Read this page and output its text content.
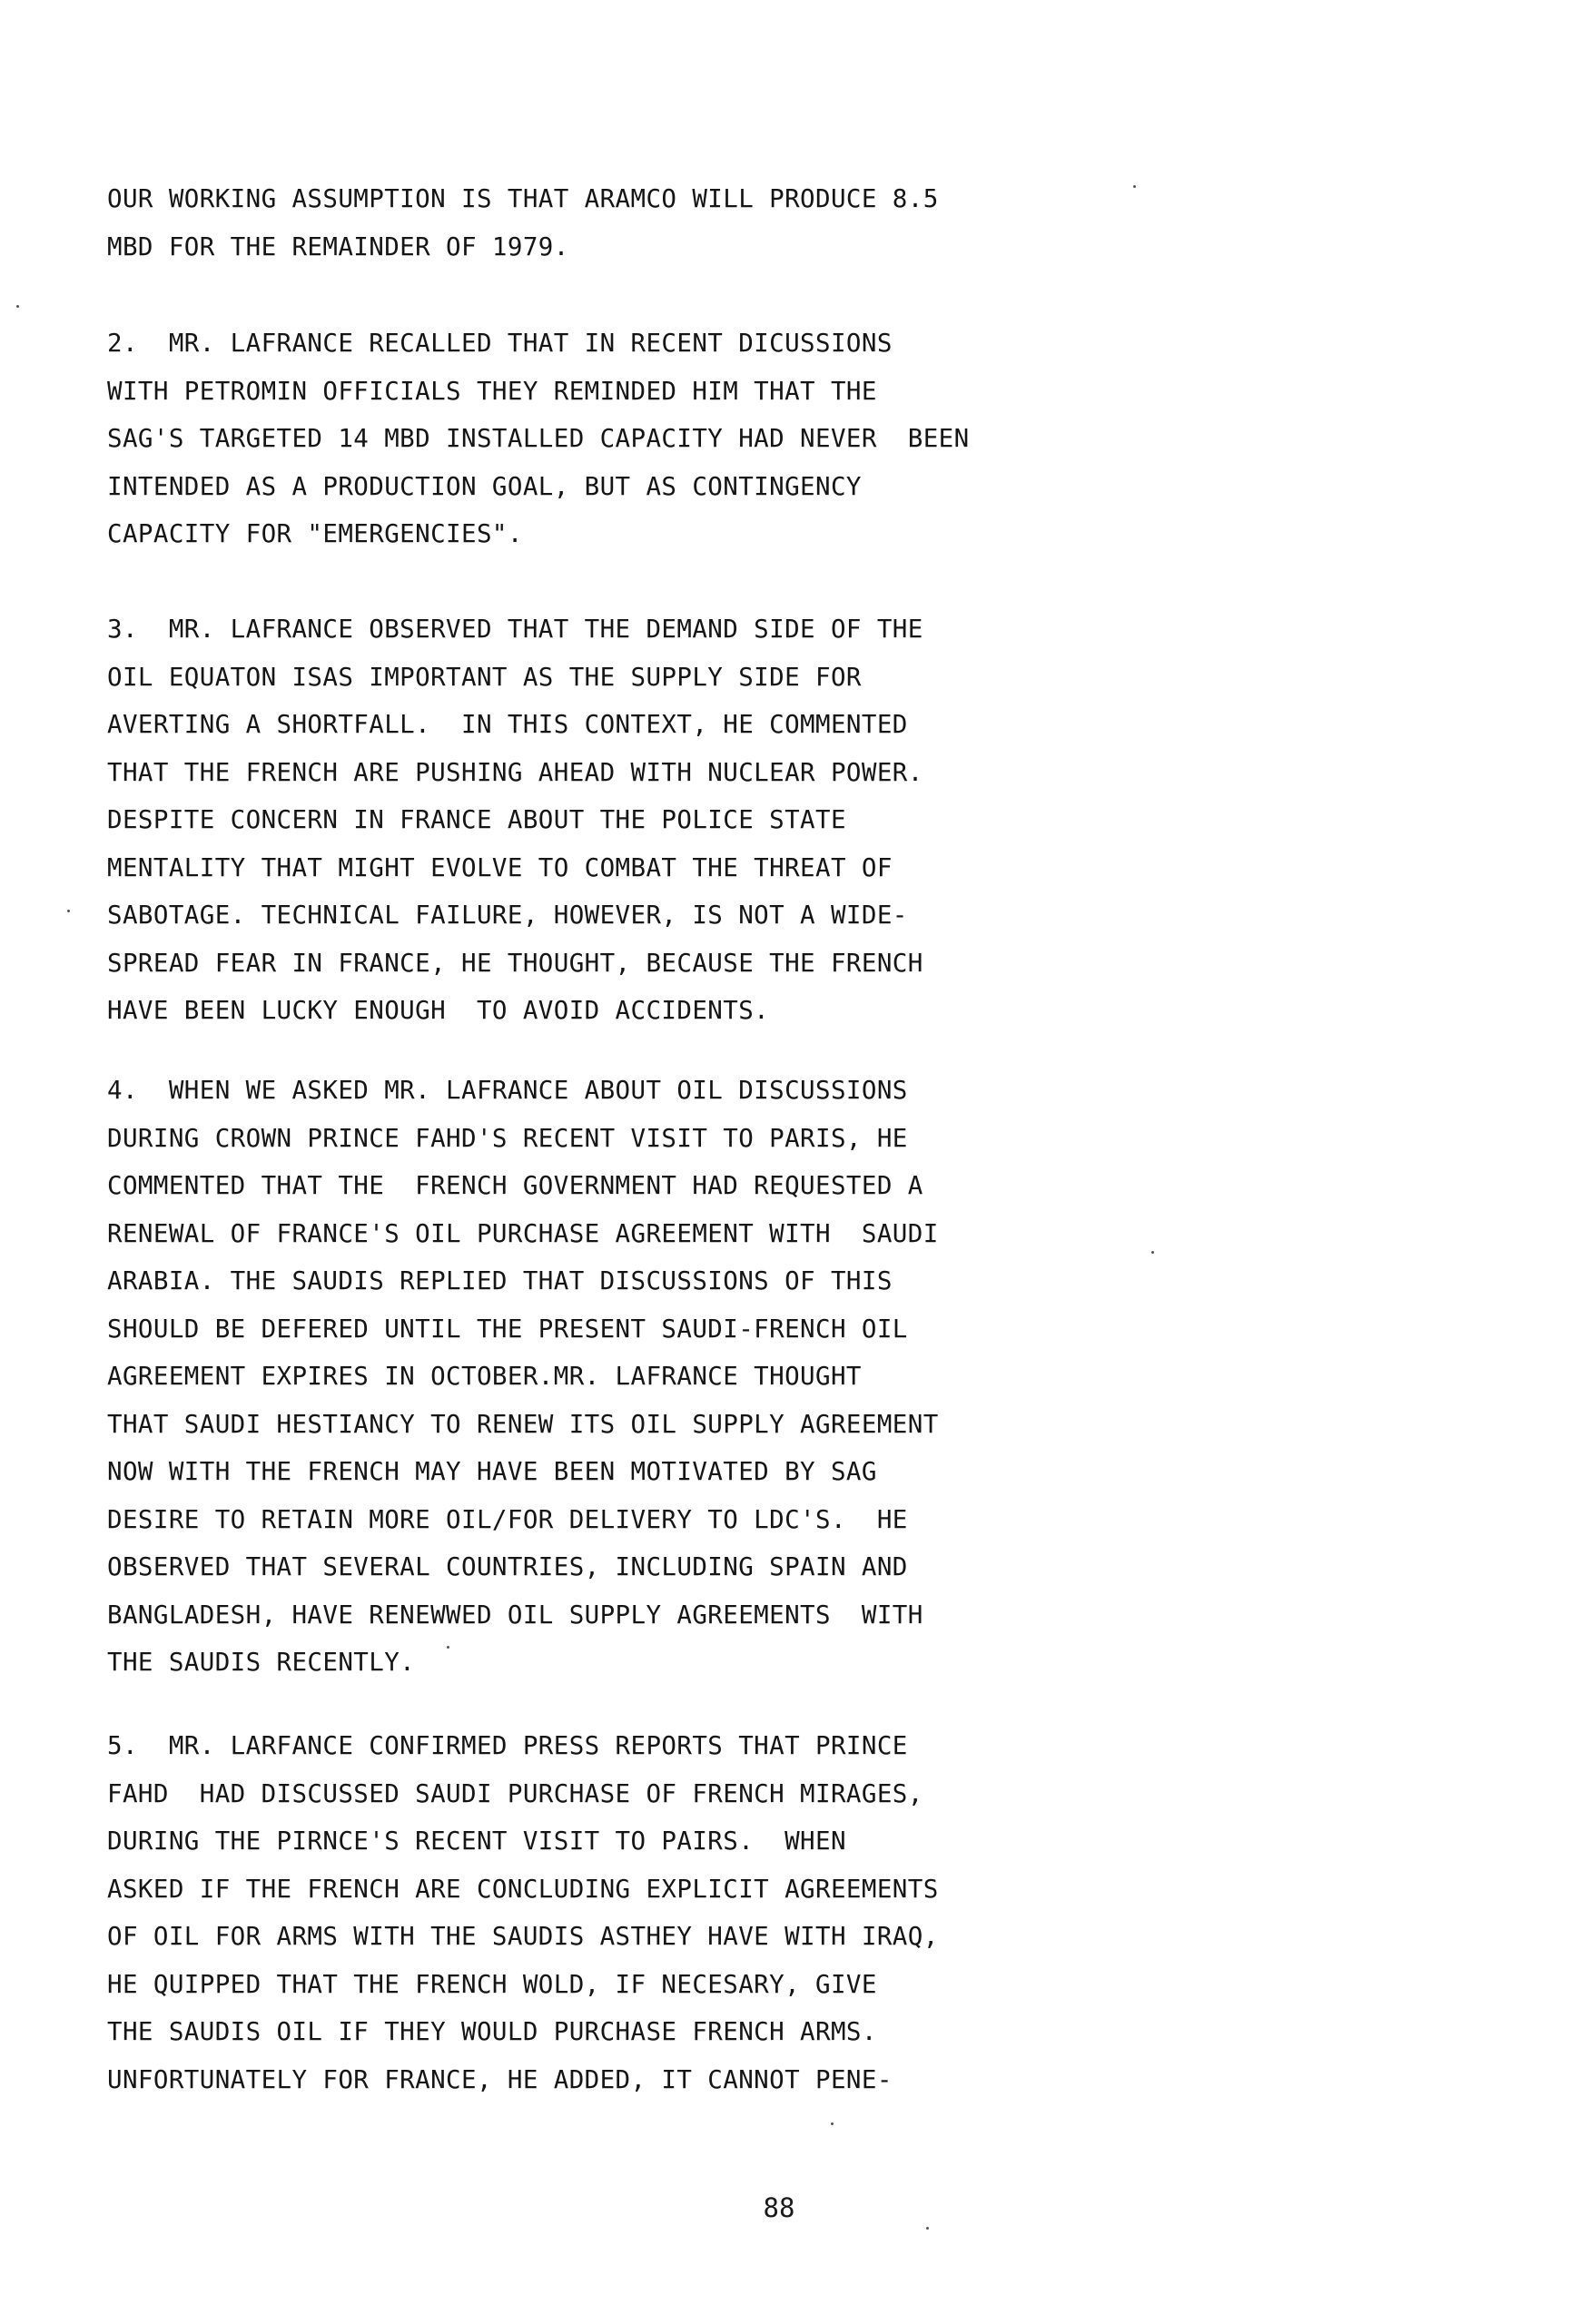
OUR WORKING ASSUMPTION IS THAT ARAMCO WILL PRODUCE 8.5
MBD FOR THE REMAINDER OF 1979.
2.  MR. LAFRANCE RECALLED THAT IN RECENT DICUSSIONS
WITH PETROMIN OFFICIALS THEY REMINDED HIM THAT THE
SAG'S TARGETED 14 MBD INSTALLED CAPACITY HAD NEVER  BEEN
INTENDED AS A PRODUCTION GOAL, BUT AS CONTINGENCY
CAPACITY FOR "EMERGENCIES".
3.  MR. LAFRANCE OBSERVED THAT THE DEMAND SIDE OF THE
OIL EQUATON ISAS IMPORTANT AS THE SUPPLY SIDE FOR
AVERTING A SHORTFALL.  IN THIS CONTEXT, HE COMMENTED
THAT THE FRENCH ARE PUSHING AHEAD WITH NUCLEAR POWER.
DESPITE CONCERN IN FRANCE ABOUT THE POLICE STATE
MENTALITY THAT MIGHT EVOLVE TO COMBAT THE THREAT OF
SABOTAGE. TECHNICAL FAILURE, HOWEVER, IS NOT A WIDE-
SPREAD FEAR IN FRANCE, HE THOUGHT, BECAUSE THE FRENCH
HAVE BEEN LUCKY ENOUGH  TO AVOID ACCIDENTS.
4.  WHEN WE ASKED MR. LAFRANCE ABOUT OIL DISCUSSIONS
DURING CROWN PRINCE FAHD'S RECENT VISIT TO PARIS, HE
COMMENTED THAT THE  FRENCH GOVERNMENT HAD REQUESTED A
RENEWAL OF FRANCE'S OIL PURCHASE AGREEMENT WITH  SAUDI
ARABIA. THE SAUDIS REPLIED THAT DISCUSSIONS OF THIS
SHOULD BE DEFERED UNTIL THE PRESENT SAUDI-FRENCH OIL
AGREEMENT EXPIRES IN OCTOBER.MR. LAFRANCE THOUGHT
THAT SAUDI HESTIANCY TO RENEW ITS OIL SUPPLY AGREEMENT
NOW WITH THE FRENCH MAY HAVE BEEN MOTIVATED BY SAG
DESIRE TO RETAIN MORE OIL/FOR DELIVERY TO LDC'S.  HE
OBSERVED THAT SEVERAL COUNTRIES, INCLUDING SPAIN AND
BANGLADESH, HAVE RENEWWED OIL SUPPLY AGREEMENTS  WITH
THE SAUDIS RECENTLY.
5.  MR. LARFANCE CONFIRMED PRESS REPORTS THAT PRINCE
FAHD  HAD DISCUSSED SAUDI PURCHASE OF FRENCH MIRAGES,
DURING THE PIRNCE'S RECENT VISIT TO PAIRS.  WHEN
ASKED IF THE FRENCH ARE CONCLUDING EXPLICIT AGREEMENTS
OF OIL FOR ARMS WITH THE SAUDIS ASTHEY HAVE WITH IRAQ,
HE QUIPPED THAT THE FRENCH WOLD, IF NECESARY, GIVE
THE SAUDIS OIL IF THEY WOULD PURCHASE FRENCH ARMS.
UNFORTUNATELY FOR FRANCE, HE ADDED, IT CANNOT PENE-
88
